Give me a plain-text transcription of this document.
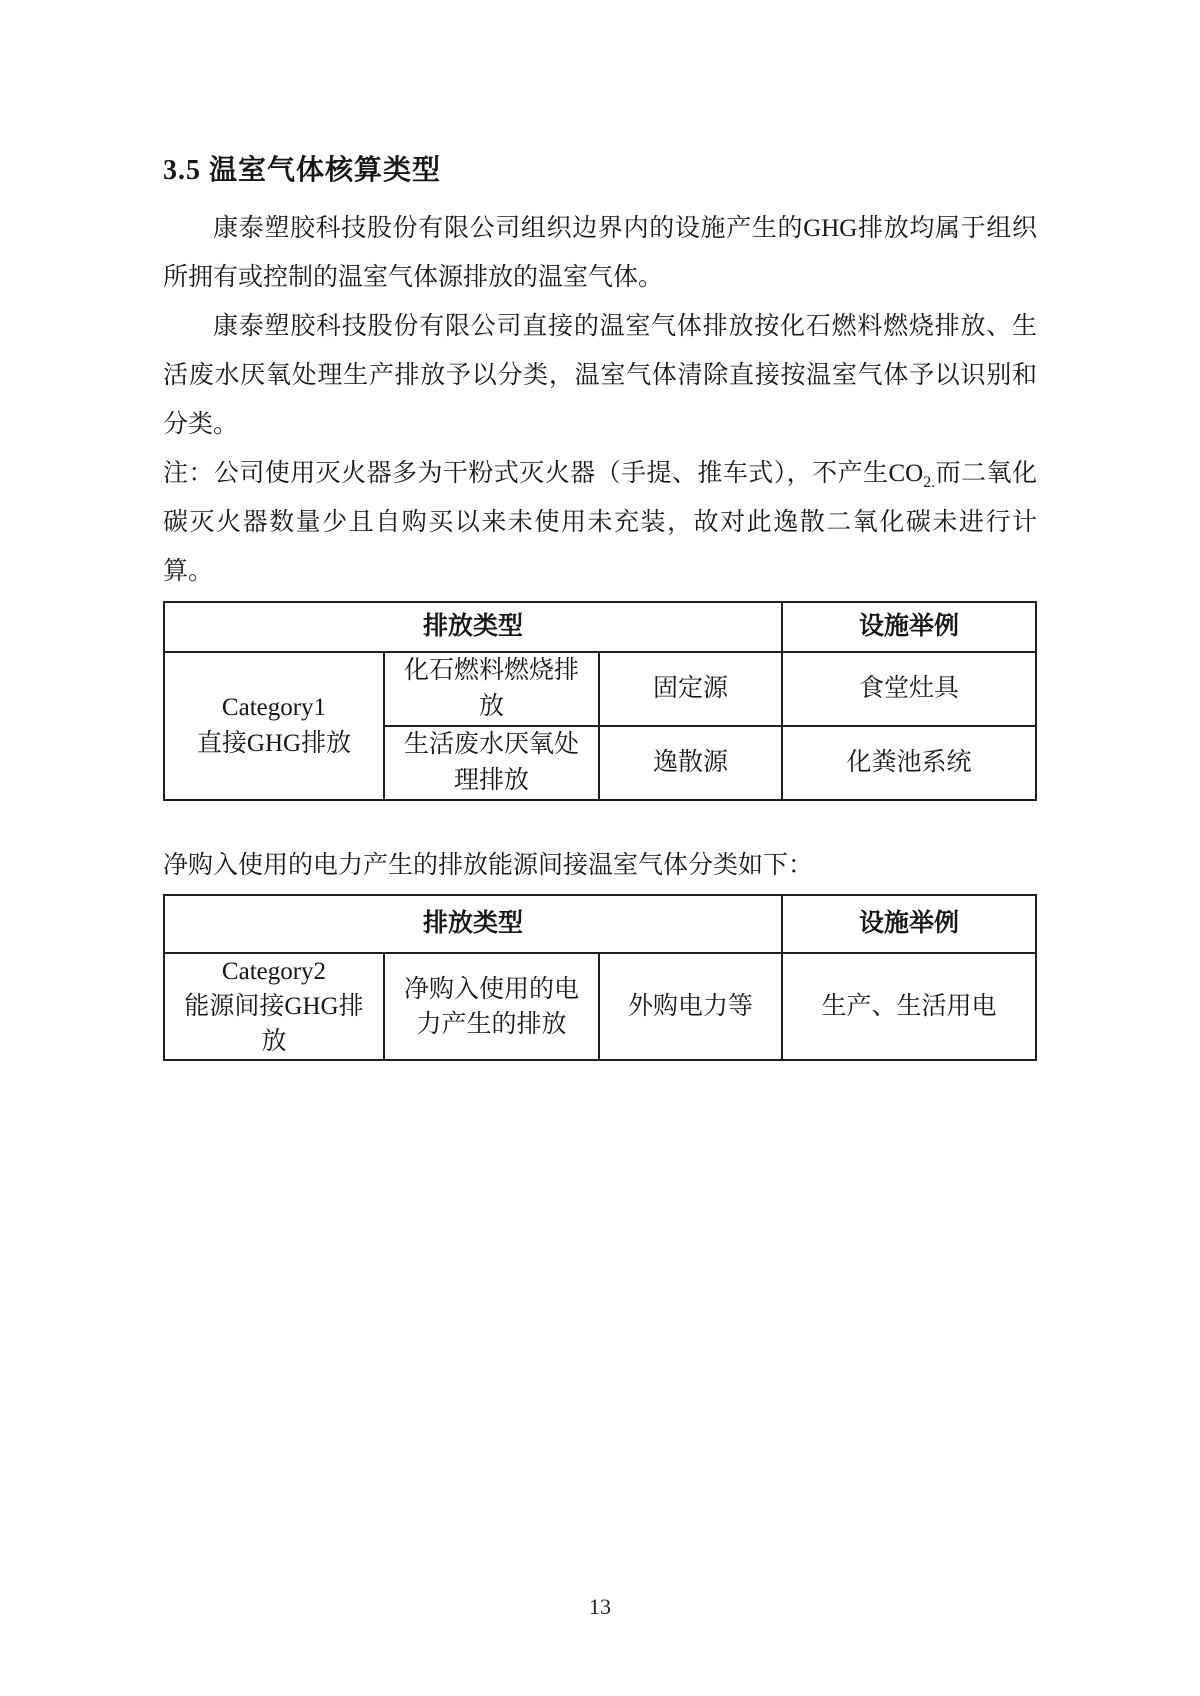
3.5 温室气体核算类型

康泰塑胶科技股份有限公司组织边界内的设施产生的GHG排放均属于组织所拥有或控制的温室气体源排放的温室气体。

康泰塑胶科技股份有限公司直接的温室气体排放按化石燃料燃烧排放、生活废水厌氧处理生产排放予以分类，温室气体清除直接按温室气体予以识别和分类。

注：公司使用灭火器多为干粉式灭火器（手提、推车式），不产生$CO_{2.}$而二氧化碳灭火器数量少且自购买以来未使用未充装，故对此逸散二氧化碳未进行计算。

排放类型			设施举例

Category1
直接GHG排放	化石燃料燃烧排放	固定源	食堂灶具
	生活废水厌氧处理排放	逸散源	化粪池系统

净购入使用的电力产生的排放能源间接温室气体分类如下：

排放类型			设施举例

Category2
能源间接GHG排放	净购入使用的电力产生的排放	外购电力等	生产、生活用电
13
